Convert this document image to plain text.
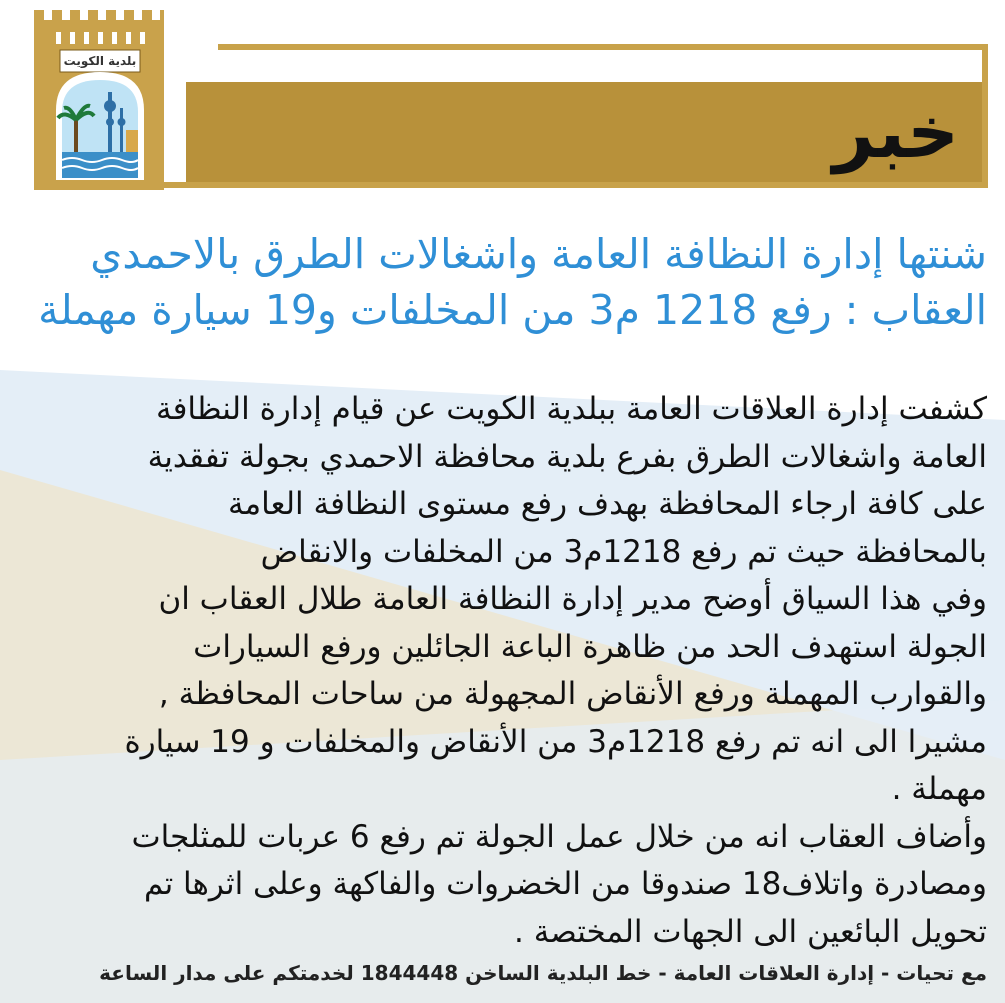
خبر
بلدية الكويت
شنتها إدارة النظافة العامة واشغالات الطرق بالاحمدي
العقاب : رفع 1218 م3 من المخلفات و19 سيارة مهملة
كشفت إدارة العلاقات العامة ببلدية الكويت عن قيام إدارة النظافة
العامة واشغالات الطرق بفرع بلدية محافظة الاحمدي بجولة تفقدية
على كافة ارجاء المحافظة بهدف رفع مستوى النظافة العامة
بالمحافظة حيث تم رفع 1218م3 من المخلفات والانقاض
وفي هذا السياق أوضح مدير إدارة النظافة العامة طلال العقاب ان
الجولة استهدف الحد من ظاهرة الباعة الجائلين ورفع السيارات
والقوارب المهملة ورفع الأنقاض المجهولة من ساحات المحافظة ,
مشيرا الى انه تم رفع 1218م3 من الأنقاض والمخلفات و 19 سيارة
مهملة .
وأضاف العقاب انه من خلال عمل الجولة تم رفع 6 عربات للمثلجات
ومصادرة واتلاف18 صندوقا من الخضروات والفاكهة وعلى اثرها تم
تحويل البائعين الى الجهات المختصة .
مع تحيات - إدارة العلاقات العامة - خط البلدية الساخن 1844448 لخدمتكم على مدار الساعة
